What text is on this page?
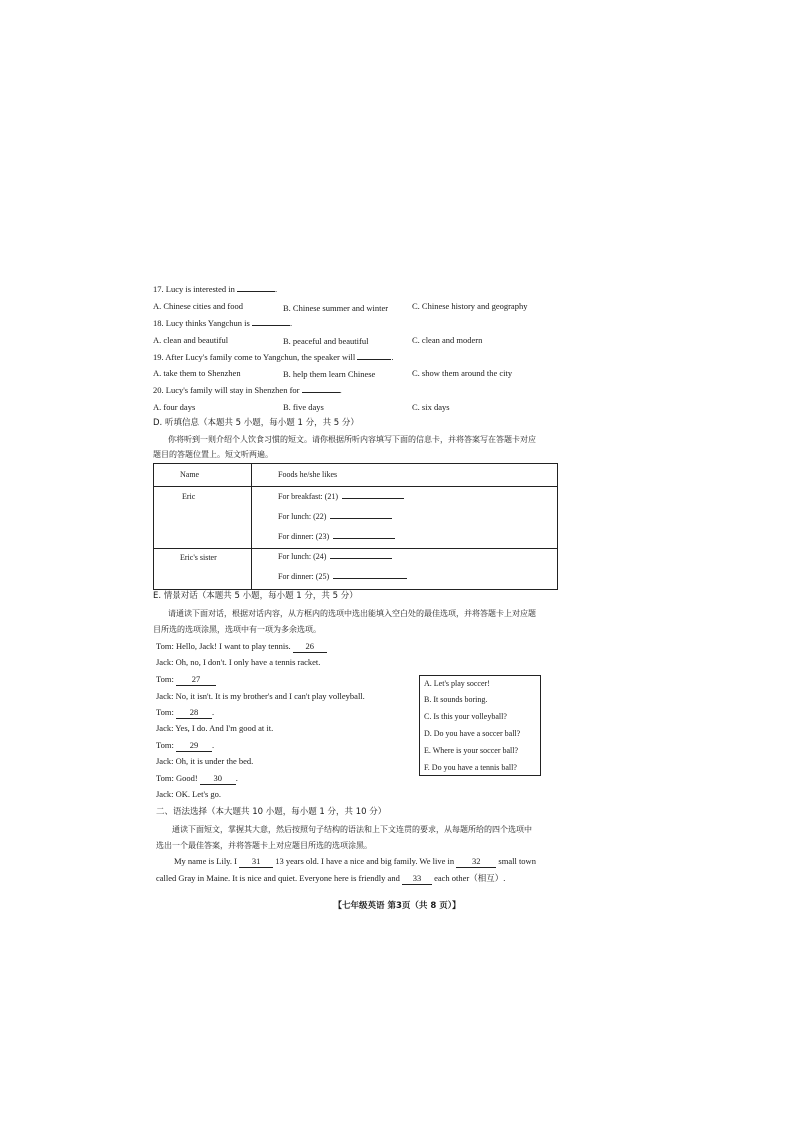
17. Lucy is interested in	.
A. Chinese cities and food	B. Chinese summer and winter	C. Chinese history and geography
18. Lucy thinks Yangchun is	.
A. clean and beautiful	B. peaceful and beautiful	C. clean and modern
19. After Lucy's family come to Yangchun, the speaker will	.
A. take them to Shenzhen	B. help them learn Chinese	C. show them around the city
20. Lucy's family will stay in Shenzhen for	.
A. four days	B. five days	C. six days
D. 听填信息（本题共 5 小题，每小题 1 分，共 5 分）
你将听到一则介绍个人饮食习惯的短文。请你根据所听内容填写下面的信息卡，并将答案写在答题卡对应
题目的答题位置上。短文听两遍。
Name	Foods he/she likes
Eric	For breakfast: (21)
For lunch: (22)
For dinner: (23)
Eric's sister	For lunch: (24)
For dinner: (25)
E. 情景对话（本题共 5 小题，每小题 1 分，共 5 分）
请通读下面对话，根据对话内容，从方框内的选项中选出能填入空白处的最佳选项，并将答题卡上对应题
目所选的选项涂黑，选项中有一项为多余选项。
Tom: Hello, Jack! I want to play tennis. 26
Jack: Oh, no, I don't. I only have a tennis racket.
Tom: 27
Jack: No, it isn't. It is my brother's and I can't play volleyball.
Tom: 28 .
Jack: Yes, I do. And I'm good at it.
Tom: 29 .
Jack: Oh, it is under the bed.
Tom: Good! 30 .
Jack: OK. Let's go.
A. Let's play soccer!
B. It sounds boring.
C. Is this your volleyball?
D. Do you have a soccer ball?
E. Where is your soccer ball?
F. Do you have a tennis ball?
二、语法选择（本大题共 10 小题，每小题 1 分，共 10 分）
通读下面短文，掌握其大意，然后按照句子结构的语法和上下文连贯的要求，从每题所给的四个选项中
选出一个最佳答案，并将答题卡上对应题目所选的选项涂黑。
My name is Lily. I 31 13 years old. I have a nice and big family. We live in 32 small town
called Gray in Maine. It is nice and quiet. Everyone here is friendly and 33 each other（相互）.
【七年级英语 第3页（共 8 页）】
